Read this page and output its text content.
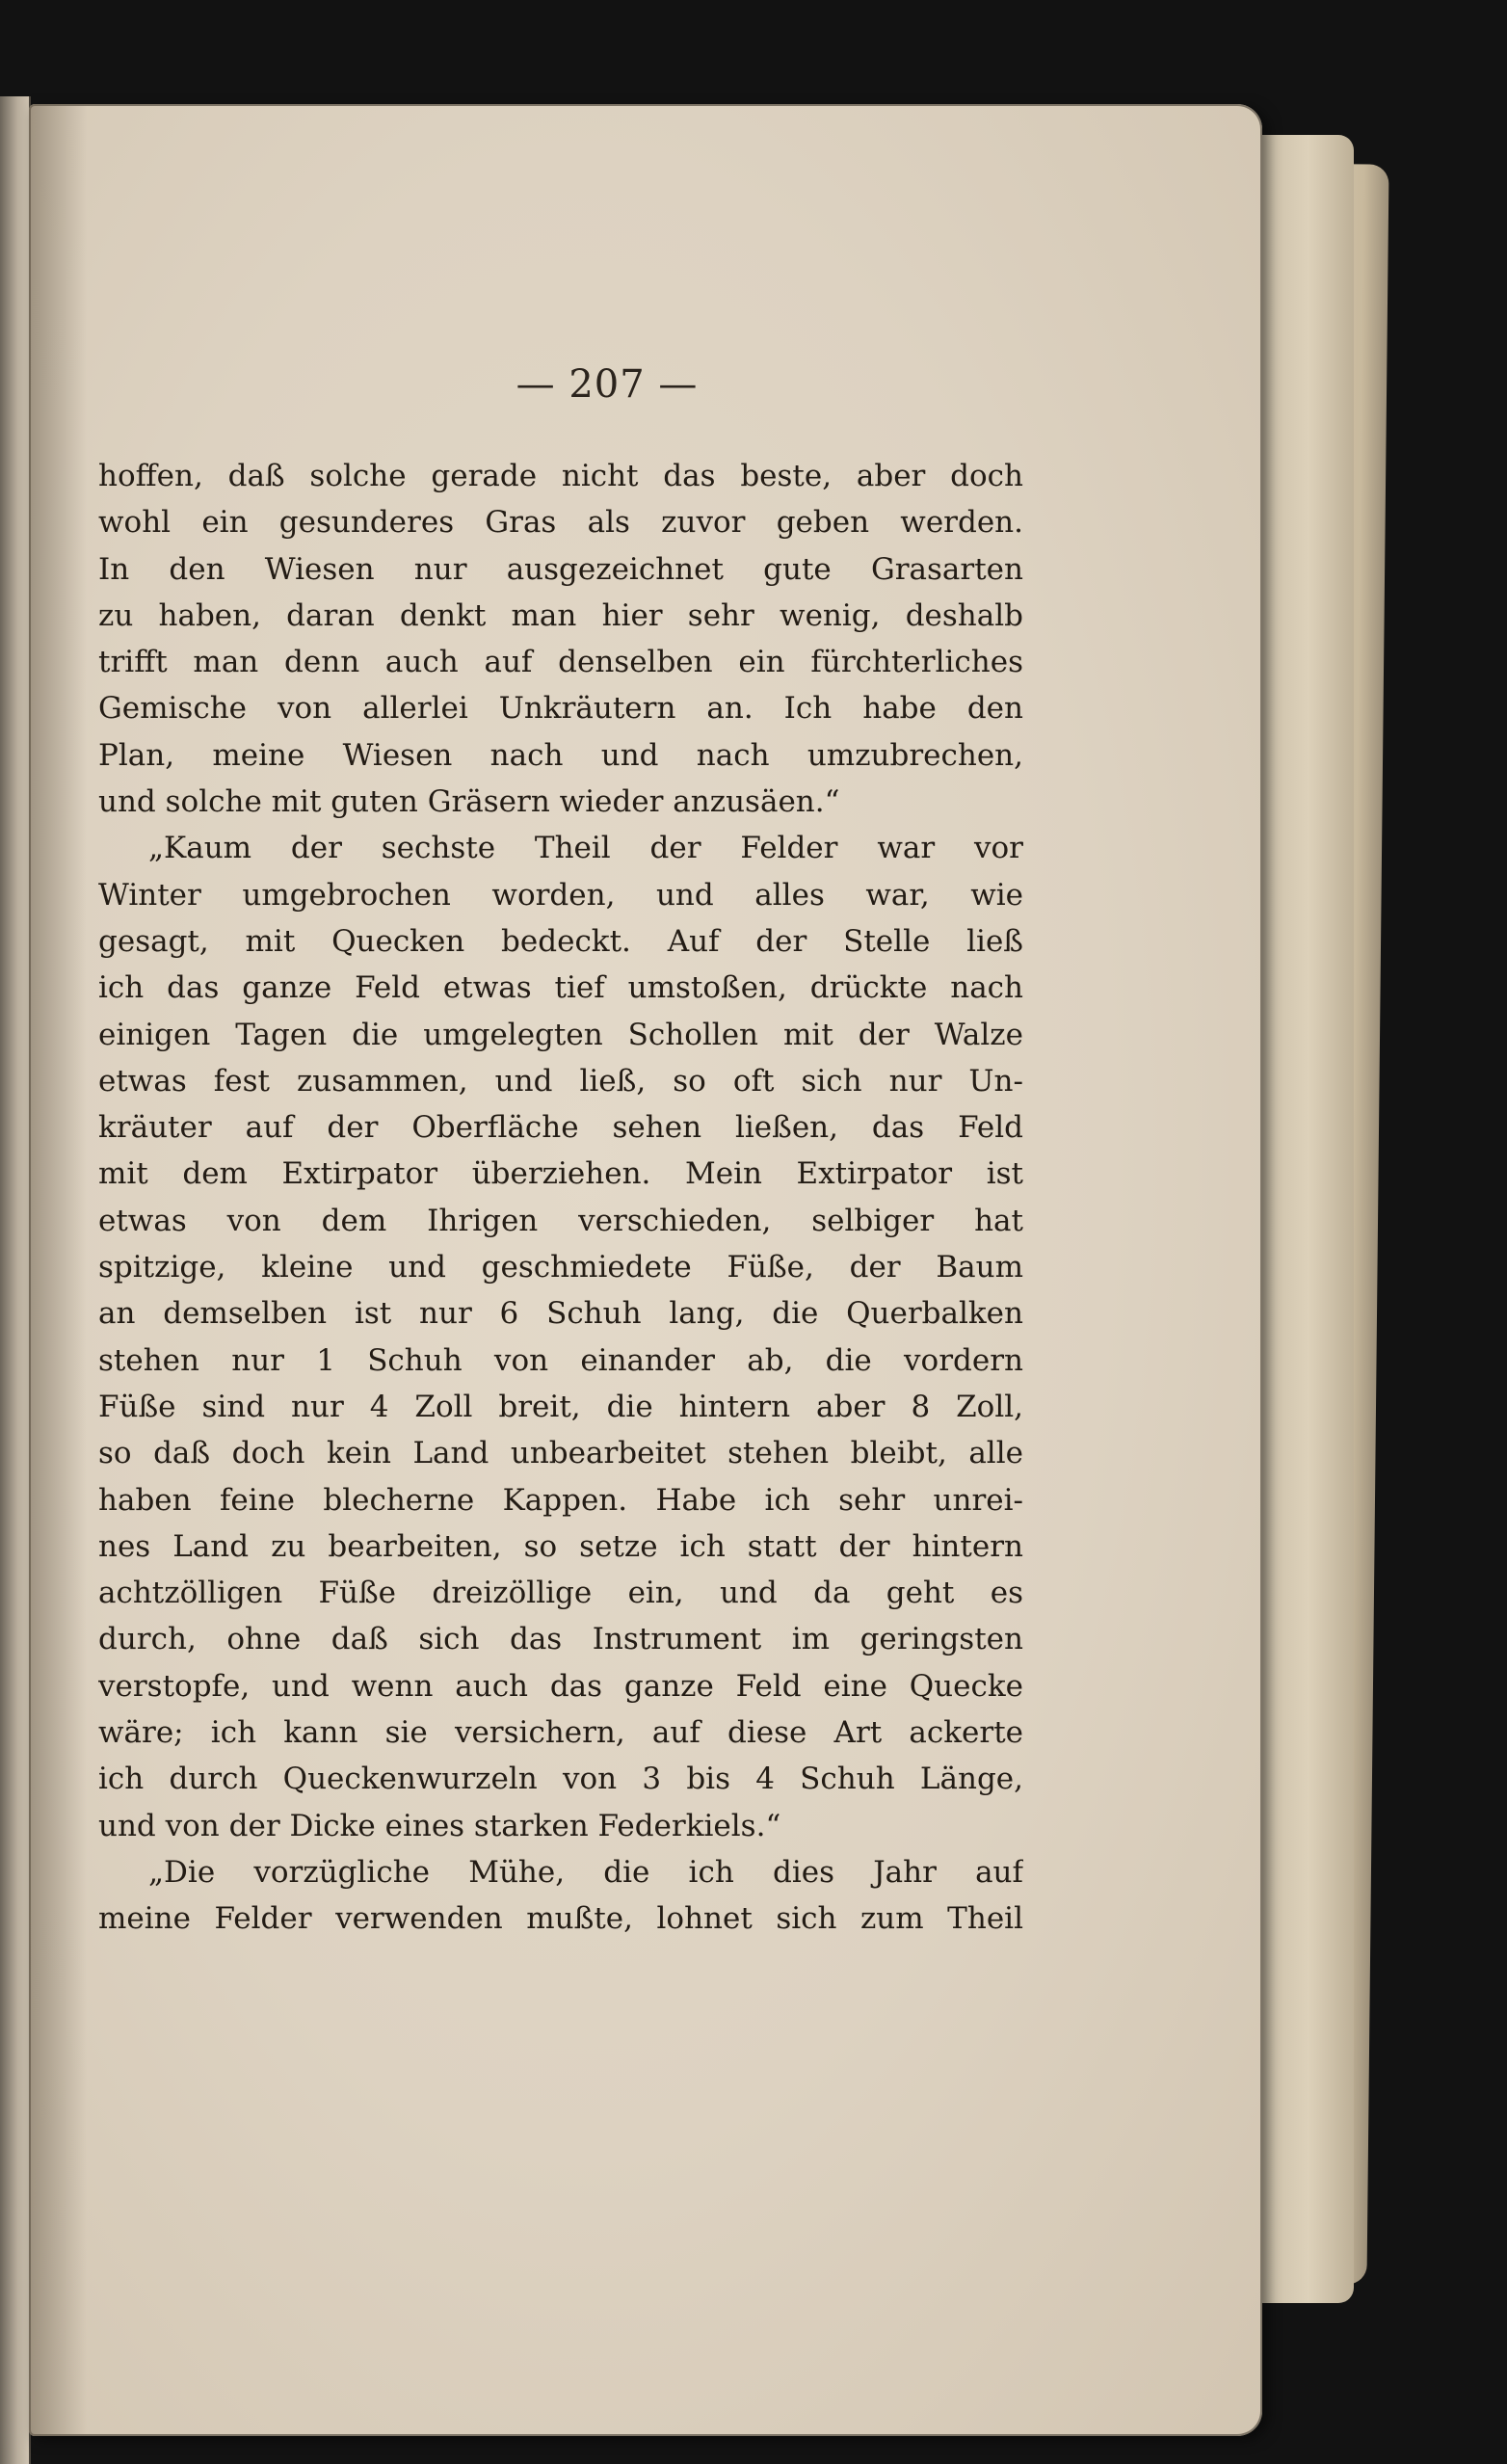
— 207 —
hoffen, daß solche gerade nicht das beste, aber doch
wohl ein gesunderes Gras als zuvor geben werden.
In den Wiesen nur ausgezeichnet gute Grasarten
zu haben, daran denkt man hier sehr wenig, deshalb
trifft man denn auch auf denselben ein fürchterliches
Gemische von allerlei Unkräutern an. Ich habe den
Plan, meine Wiesen nach und nach umzubrechen,
und solche mit guten Gräsern wieder anzusäen.“
„Kaum der sechste Theil der Felder war vor
Winter umgebrochen worden, und alles war, wie
gesagt, mit Quecken bedeckt. Auf der Stelle ließ
ich das ganze Feld etwas tief umstoßen, drückte nach
einigen Tagen die umgelegten Schollen mit der Walze
etwas fest zusammen, und ließ, so oft sich nur Un-
kräuter auf der Oberfläche sehen ließen, das Feld
mit dem Extirpator überziehen. Mein Extirpator ist
etwas von dem Ihrigen verschieden, selbiger hat
spitzige, kleine und geschmiedete Füße, der Baum
an demselben ist nur 6 Schuh lang, die Querbalken
stehen nur 1 Schuh von einander ab, die vordern
Füße sind nur 4 Zoll breit, die hintern aber 8 Zoll,
so daß doch kein Land unbearbeitet stehen bleibt, alle
haben feine blecherne Kappen. Habe ich sehr unrei-
nes Land zu bearbeiten, so setze ich statt der hintern
achtzölligen Füße dreizöllige ein, und da geht es
durch, ohne daß sich das Instrument im geringsten
verstopfe, und wenn auch das ganze Feld eine Quecke
wäre; ich kann sie versichern, auf diese Art ackerte
ich durch Queckenwurzeln von 3 bis 4 Schuh Länge,
und von der Dicke eines starken Federkiels.“
„Die vorzügliche Mühe, die ich dies Jahr auf
meine Felder verwenden mußte, lohnet sich zum Theil
